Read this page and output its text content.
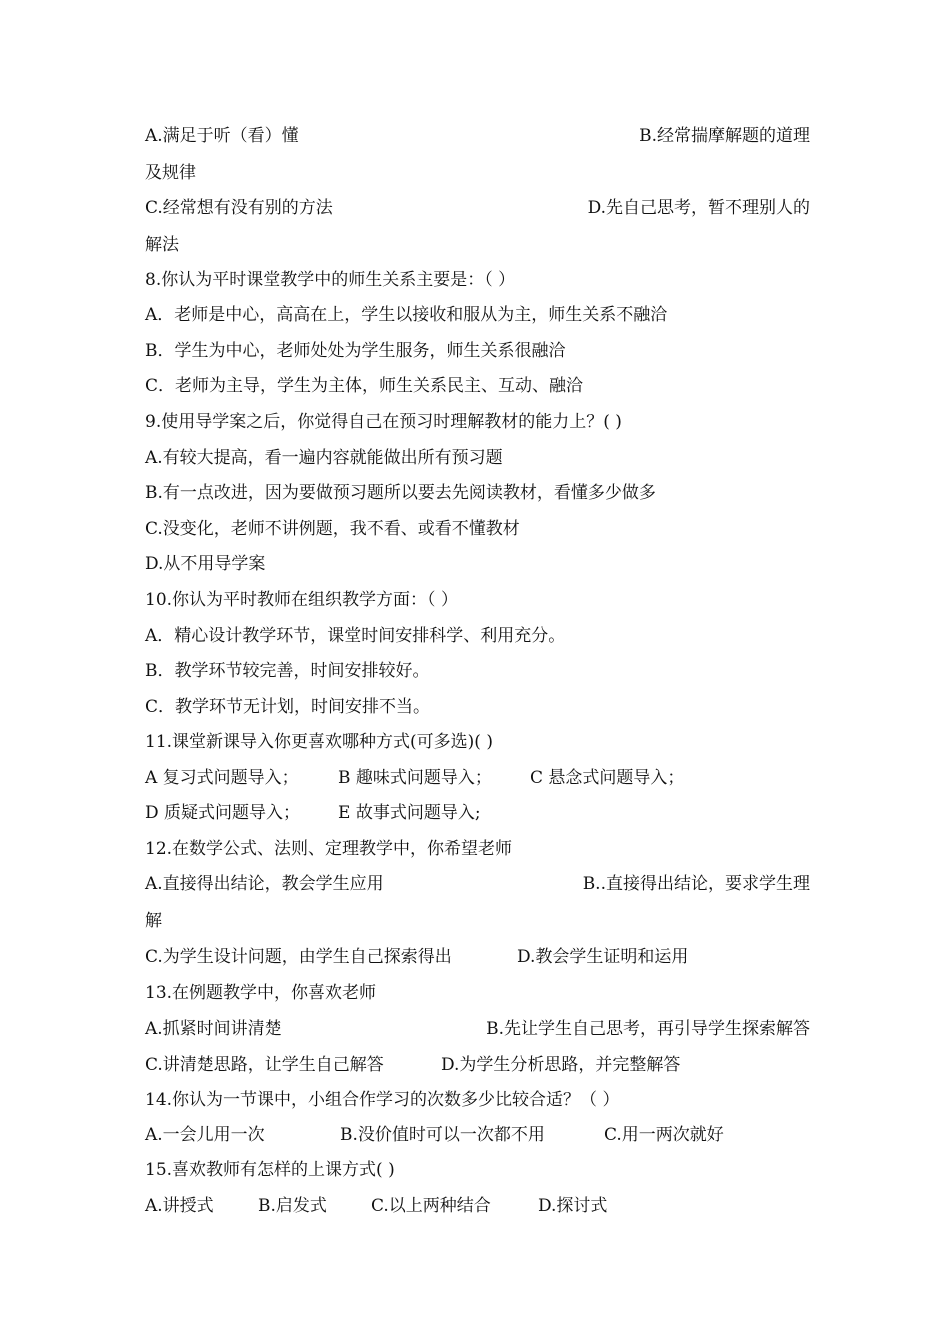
A.满足于听（看）懂	B.经常揣摩解题的道理
及规律
C.经常想有没有别的方法	D.先自己思考，暂不理别人的
解法
8.你认为平时课堂教学中的师生关系主要是：（ ）
A．老师是中心，高高在上，学生以接收和服从为主，师生关系不融洽
B．学生为中心，老师处处为学生服务，师生关系很融洽
C．老师为主导，学生为主体，师生关系民主、互动、融洽
9.使用导学案之后，你觉得自己在预习时理解教材的能力上？( )
A.有较大提高，看一遍内容就能做出所有预习题
B.有一点改进，因为要做预习题所以要去先阅读教材，看懂多少做多
C.没变化，老师不讲例题，我不看、或看不懂教材
D.从不用导学案
10.你认为平时教师在组织教学方面：（ ）
A．精心设计教学环节，课堂时间安排科学、利用充分。
B．教学环节较完善，时间安排较好。
C．教学环节无计划，时间安排不当。
11.课堂新课导入你更喜欢哪种方式(可多选)( )
A 复习式问题导入； B 趣味式问题导入； C 悬念式问题导入；
D 质疑式问题导入； E 故事式问题导入;
12.在数学公式、法则、定理教学中，你希望老师
A.直接得出结论，教会学生应用	B..直接得出结论，要求学生理
解
C.为学生设计问题，由学生自己探索得出	D.教会学生证明和运用
13.在例题教学中，你喜欢老师
A.抓紧时间讲清楚	B.先让学生自己思考，再引导学生探索解答
C.讲清楚思路，让学生自己解答	D.为学生分析思路，并完整解答
14.你认为一节课中，小组合作学习的次数多少比较合适？（ ）
A.一会儿用一次	B.没价值时可以一次都不用	C.用一两次就好
15.喜欢教师有怎样的上课方式( )
A.讲授式	B.启发式	C.以上两种结合	D.探讨式
